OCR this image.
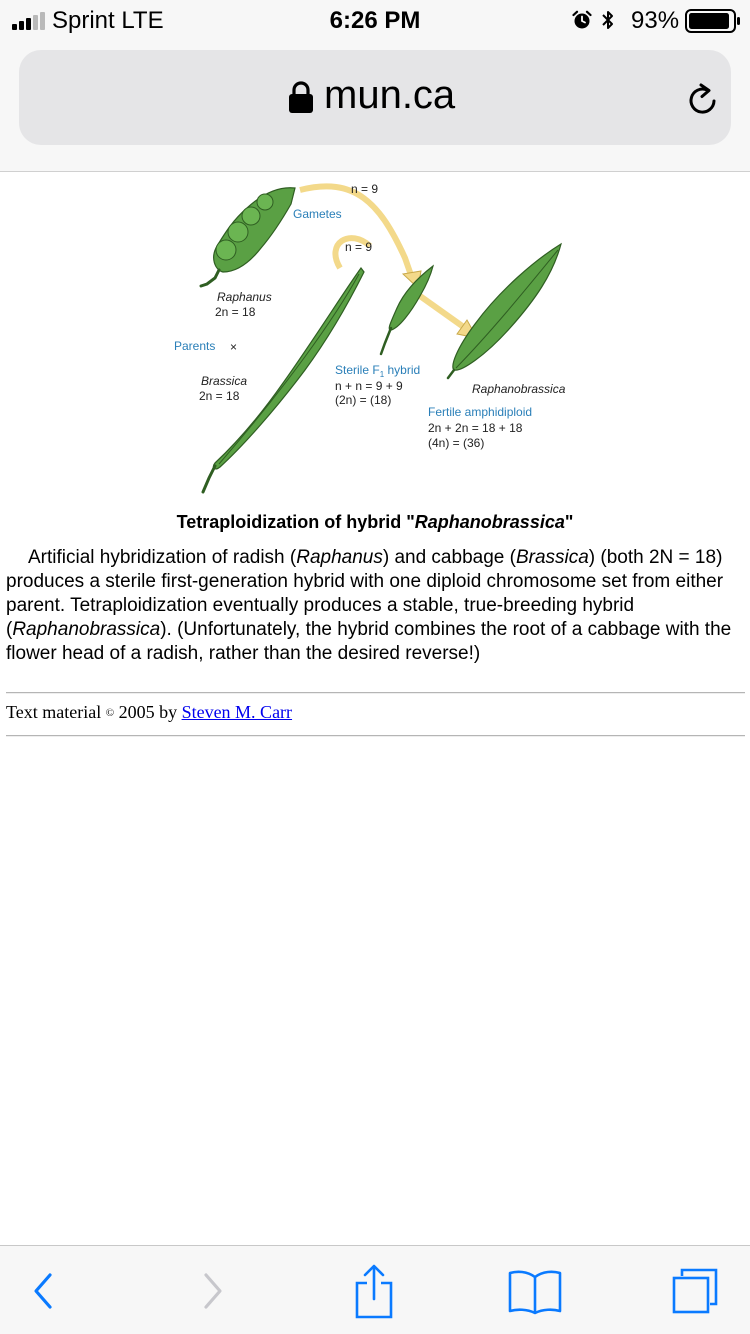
Sprint LTE	6:26 PM	93%
mun.ca
n = 9
Gametes
n = 9
Raphanus
2n = 18
Parents ×
Brassica
2n = 18
Sterile $F_1$ hybrid
n + n = 9 + 9
(2n) = (18)
Raphanobrassica
Fertile amphidiploid
2n + 2n = 18 + 18
(4n) = (36)
Tetraploidization of hybrid "Raphanobrassica"

Artificial hybridization of radish (Raphanus) and cabbage (Brassica) (both 2N = 18) produces a sterile first-generation hybrid with one diploid chromosome set from either parent. Tetraploidization eventually produces a stable, true-breeding hybrid (Raphanobrassica). (Unfortunately, the hybrid combines the root of a cabbage with the flower head of a radish, rather than the desired reverse!)

Text material © 2005 by Steven M. Carr
